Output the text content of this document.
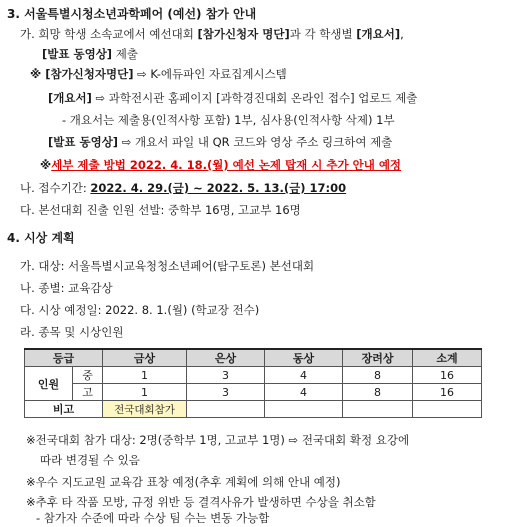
3. 서울특별시청소년과학페어 (예선) 참가 안내
가. 희망 학생 소속교에서 예선대회 [참가신청자 명단]과 각 학생별 [개요서],
[발표 동영상] 제출
※ [참가신청자명단] ⇨ K-에듀파인 자료집계시스템
[개요서] ⇨ 과학전시관 홈페이지 [과학경진대회 온라인 접수] 업로드 제출
- 개요서는 제출용(인적사항 포함) 1부, 심사용(인적사항 삭제) 1부
[발표 동영상] ⇨ 개요서 파일 내 QR 코드와 영상 주소 링크하여 제출
※세부 제출 방법 2022. 4. 18.(월) 예선 논제 탑재 시 추가 안내 예정
나. 접수기간: 2022. 4. 29.(금) ~ 2022. 5. 13.(금) 17:00
다. 본선대회 진출 인원 선발: 중학부 16명, 고교부 16명
4. 시상 계획
가. 대상: 서울특별시교육청청소년페어(탐구토론) 본선대회
나. 종별: 교육감상
다. 시상 예정일: 2022. 8. 1.(월) (학교장 전수)
라. 종목 및 시상인원
등급		금상	은상	동상	장려상	소계
인원	중	1	3	4	8	16
	고	1	3	4	8	16
비고		전국대회참가				
※전국대회 참가 대상: 2명(중학부 1명, 고교부 1명) ⇨ 전국대회 확정 요강에
따라 변경될 수 있음
※우수 지도교원 교육감 표창 예정(추후 계획에 의해 안내 예정)
※추후 타 작품 모방, 규정 위반 등 결격사유가 발생하면 수상을 취소함
- 참가자 수준에 따라 수상 팀 수는 변동 가능함
